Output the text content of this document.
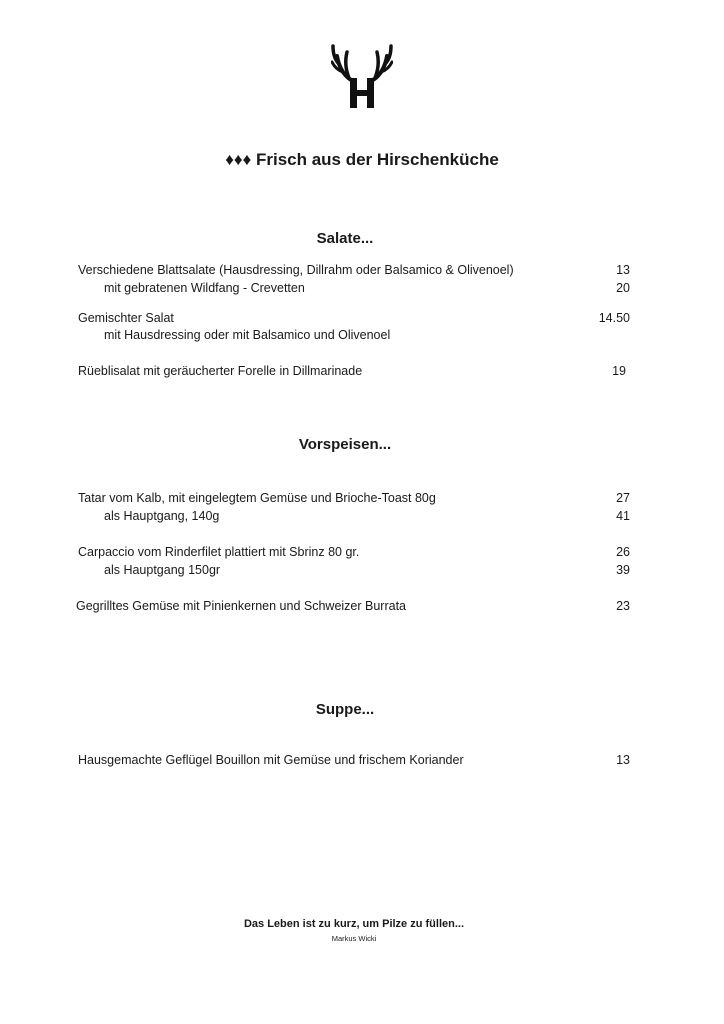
♦♦♦ Frisch aus der Hirschenküche
Salate...
Verschiedene Blattsalate (Hausdressing, Dillrahm oder Balsamico & Olivenoel)	13
mit gebratenen Wildfang - Crevetten	20
Gemischter Salat	14.50
mit Hausdressing oder mit Balsamico und Olivenoel
Rüeblisalat mit geräucherter Forelle in Dillmarinade	19
Vorspeisen...
Tatar vom Kalb, mit eingelegtem Gemüse und Brioche-Toast 80g	27
als Hauptgang, 140g	41
Carpaccio vom Rinderfilet plattiert mit Sbrinz 80 gr.	26
als Hauptgang 150gr	39
Gegrilltes Gemüse mit Pinienkernen und Schweizer Burrata	23
Suppe...
Hausgemachte Geflügel Bouillon mit Gemüse und frischem Koriander	13
Das Leben ist zu kurz, um Pilze zu füllen...
Markus Wicki
